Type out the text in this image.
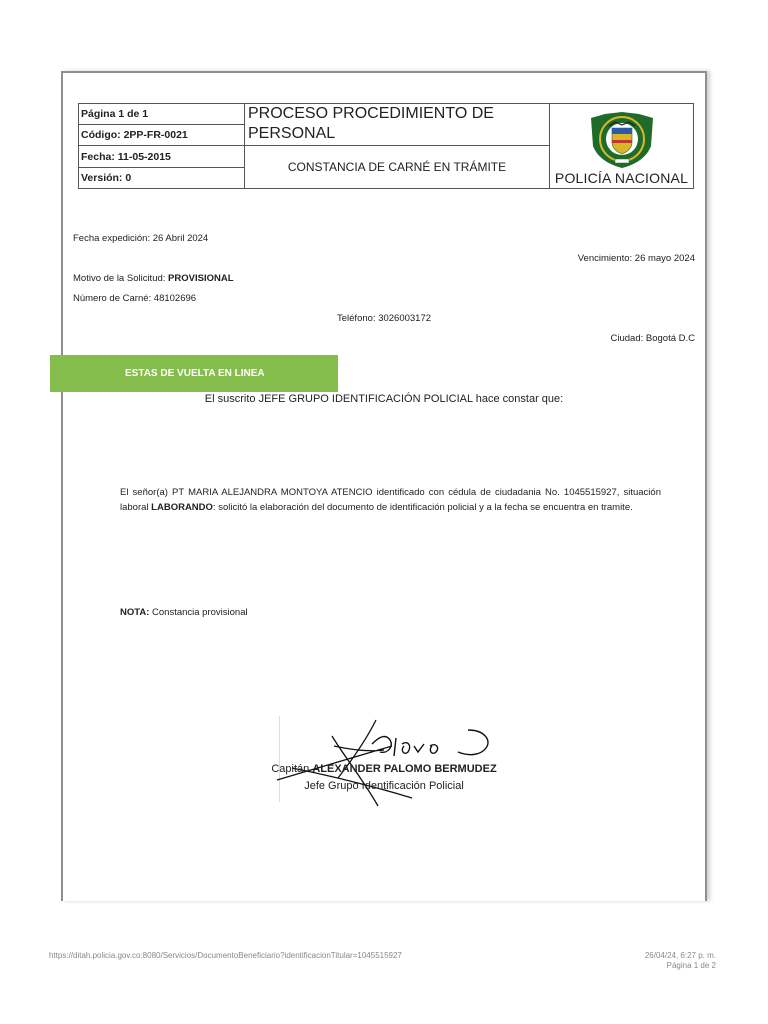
Página 1 de 1	PROCESO PROCEDIMIENTO DE PERSONAL	POLICÍA NACIONAL

Código: 2PP-FR-0021		
Fecha: 11-05-2015	CONSTANCIA DE CARNÉ EN TRÁMITE	
Versión: 0		
Fecha expedición: 26 Abril 2024
Vencimiento: 26 mayo 2024
Motivo de la Solicitud: PROVISIONAL
Número de Carné: 48102696
Teléfono: 3026003172
Ciudad: Bogotá D.C
ESTAS DE VUELTA EN LINEA
El suscrito JEFE GRUPO IDENTIFICACIÓN POLICIAL hace constar que:
El señor(a) PT MARIA ALEJANDRA MONTOYA ATENCIO identificado con cédula de ciudadania No. 1045515927, situación laboral LABORANDO: solicitó la elaboración del documento de identificación policial y a la fecha se encuentra en tramite.
NOTA: Constancia provisional
Capitán ALEXANDER PALOMO BERMUDEZ
Jefe Grupo Identificación Policial
https://ditah.policia.gov.co:8080/Servicios/DocumentoBeneficiario?identificacionTitular=1045515927	26/04/24, 6:27 p. m.
Página 1 de 2
